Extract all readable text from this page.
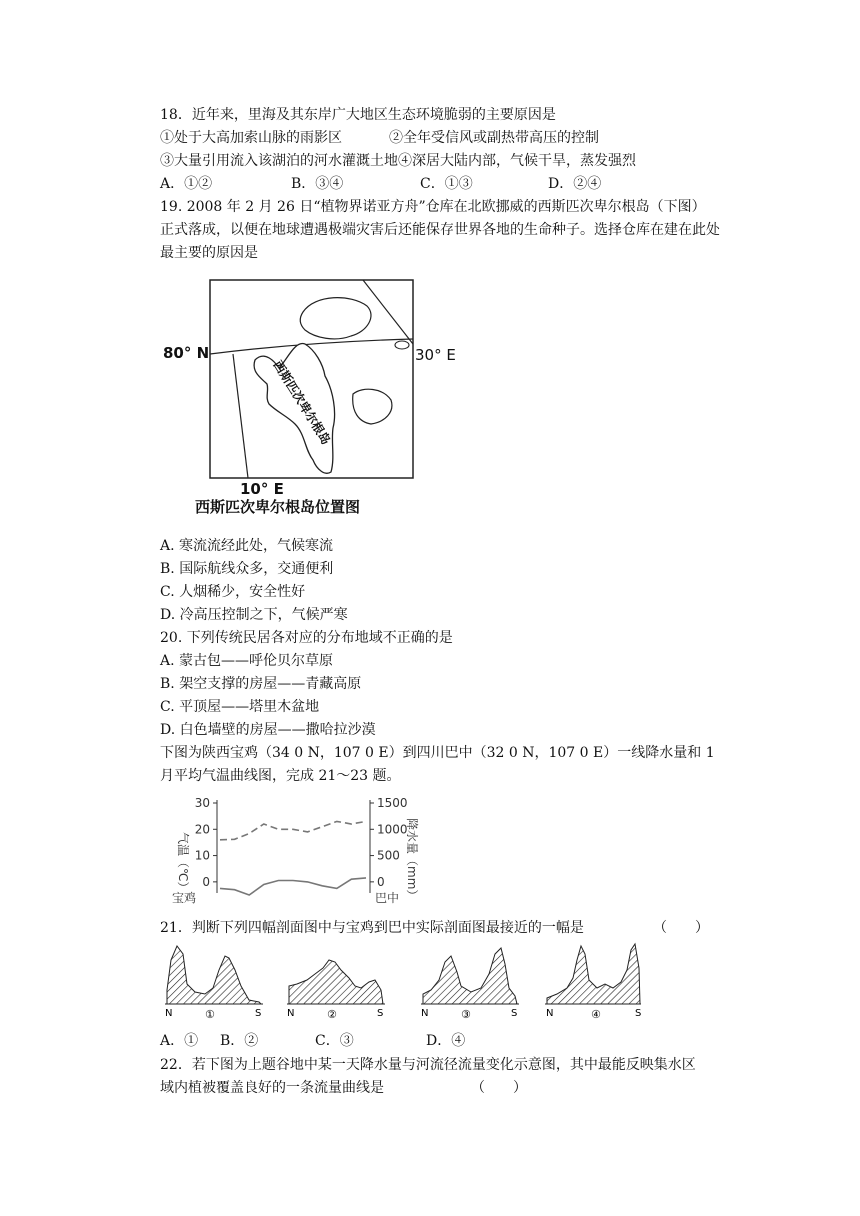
18．近年来，里海及其东岸广大地区生态环境脆弱的主要原因是
①处于大高加索山脉的雨影区	②全年受信风或副热带高压的控制
③大量引用流入该湖泊的河水灌溉土地④深居大陆内部，气候干旱，蒸发强烈
A．①②	B．③④	C．①③	D．②④
19. 2008 年 2 月 26 日“植物界诺亚方舟”仓库在北欧挪威的西斯匹次卑尔根岛（下图）
正式落成，以便在地球遭遇极端灾害后还能保存世界各地的生命种子。选择仓库在建在此处
最主要的原因是
80° N	30° E
10° E
西斯匹次卑尔根岛位置图
西斯匹次卑尔根岛
A. 寒流流经此处，气候寒流
B. 国际航线众多，交通便利
C. 人烟稀少，安全性好
D. 冷高压控制之下，气候严寒
20. 下列传统民居各对应的分布地域不正确的是
A. 蒙古包——呼伦贝尔草原
B. 架空支撑的房屋——青藏高原
C. 平顶屋——塔里木盆地
D. 白色墙壁的房屋——撒哈拉沙漠
下图为陕西宝鸡（34 0 N，107 0 E）到四川巴中（32 0 N，107 0 E）一线降水量和 1
月平均气温曲线图，完成 21～23 题。
30
20
10
0
1500
1000
500
0
气温（℃）	降水量（mm）
宝鸡	巴中
21．判断下列四幅剖面图中与宝鸡到巴中实际剖面图最接近的一幅是	（　　）
N	①	S	N	②	S	N	③	S	N	④	S
A．① B．②	C．③	D．④
22．若下图为上题谷地中某一天降水量与河流径流量变化示意图，其中最能反映集水区
域内植被覆盖良好的一条流量曲线是	（　　）
